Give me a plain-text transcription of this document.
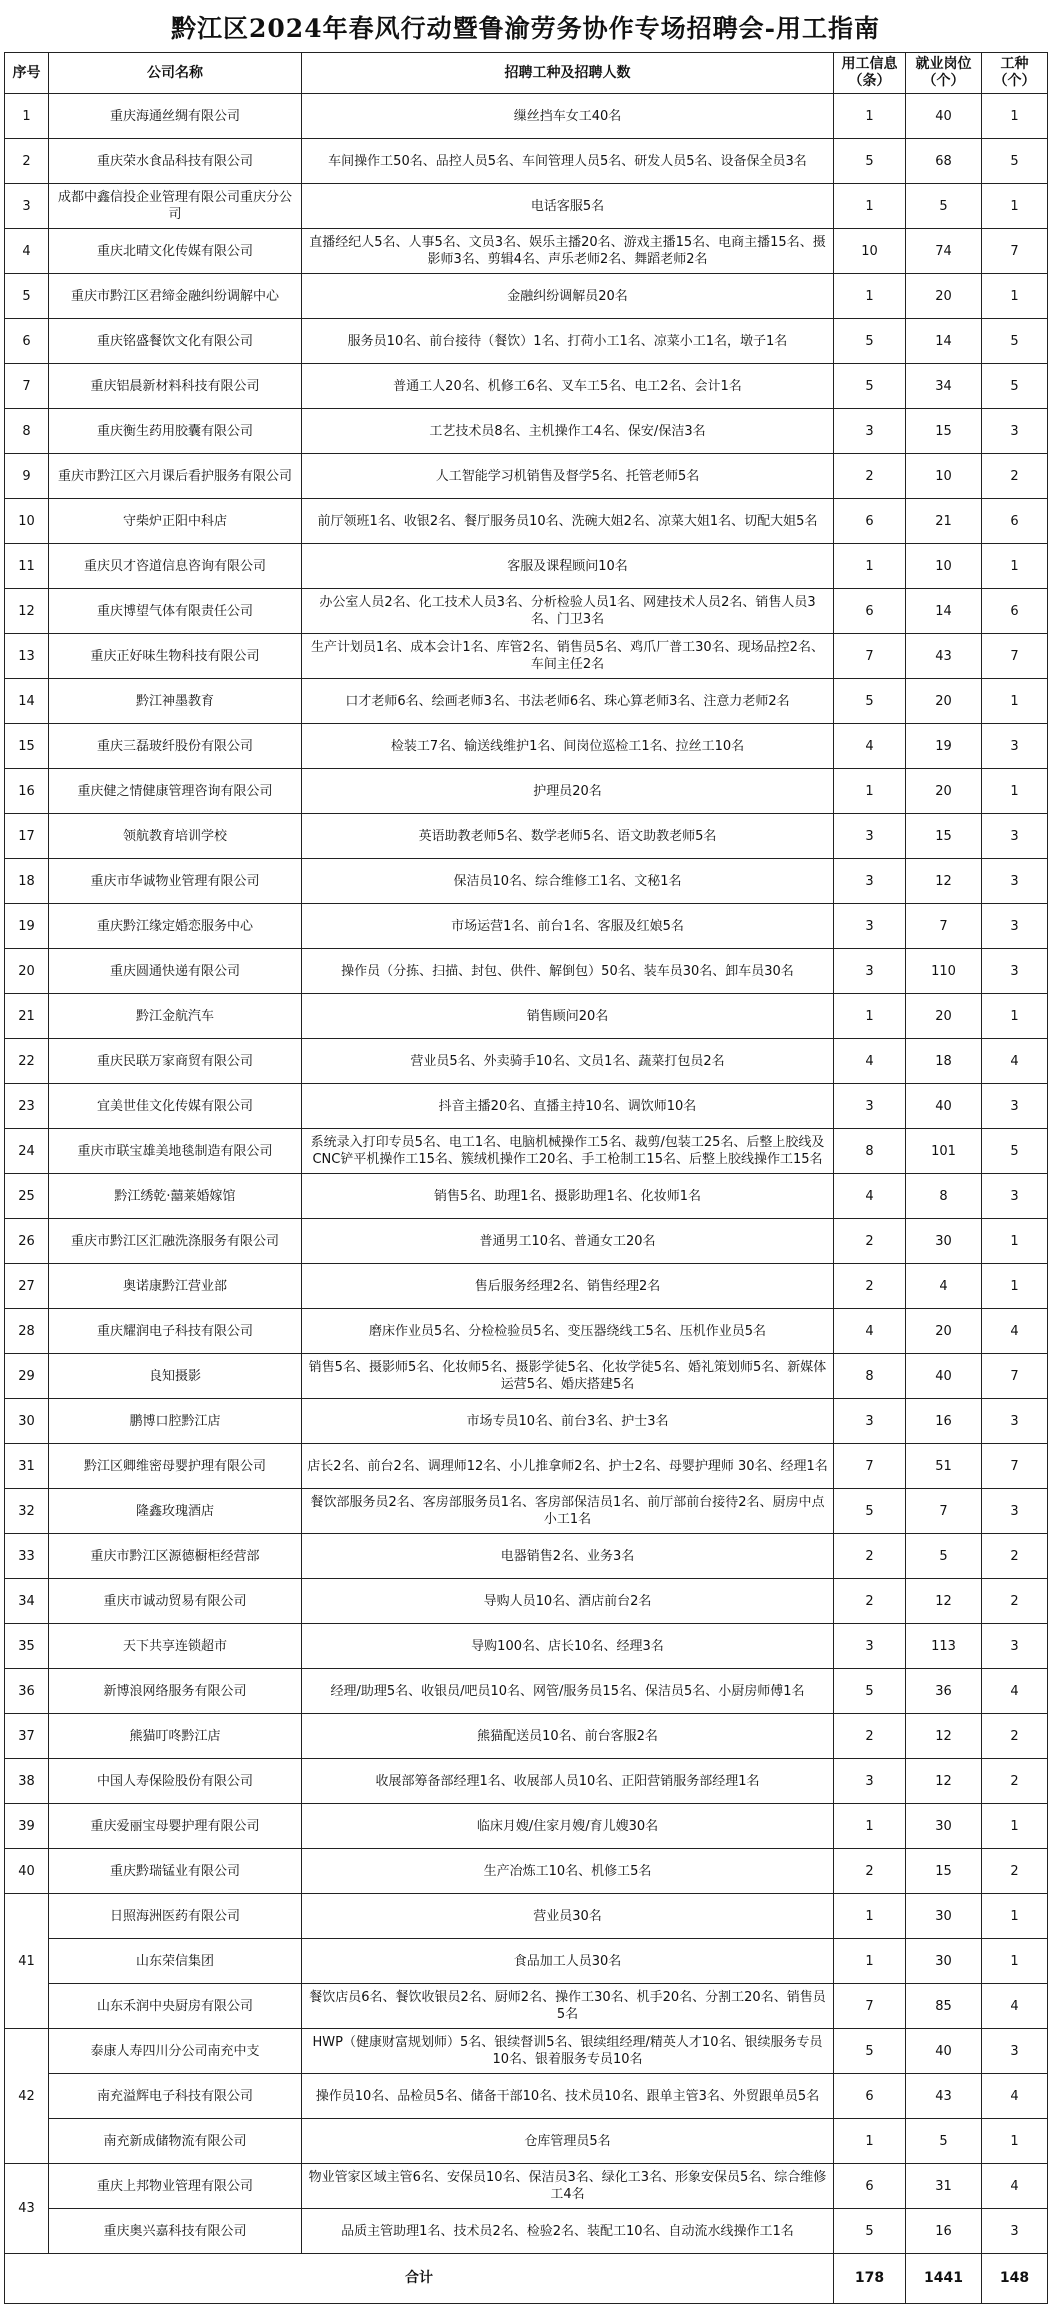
黔江区2024年春风行动暨鲁渝劳务协作专场招聘会-用工指南
序号	公司名称	招聘工种及招聘人数	用工信息（条）	就业岗位（个）	工种（个）
1	重庆海通丝绸有限公司	缫丝挡车女工40名	1	40	1
2	重庆荣水食品科技有限公司	车间操作工50名、品控人员5名、车间管理人员5名、研发人员5名、设备保全员3名	5	68	5
3	成都中鑫信投企业管理有限公司重庆分公司	电话客服5名	1	5	1
4	重庆北晴文化传媒有限公司	直播经纪人5名、人事5名、文员3名、娱乐主播20名、游戏主播15名、电商主播15名、摄影师3名、剪辑4名、声乐老师2名、舞蹈老师2名	10	74	7
5	重庆市黔江区君缔金融纠纷调解中心	金融纠纷调解员20名	1	20	1
6	重庆铭盛餐饮文化有限公司	服务员10名、前台接待（餐饮）1名、打荷小工1名、凉菜小工1名，墩子1名	5	14	5
7	重庆铝晨新材料科技有限公司	普通工人20名、机修工6名、叉车工5名、电工2名、会计1名	5	34	5
8	重庆衡生药用胶囊有限公司	工艺技术员8名、主机操作工4名、保安/保洁3名	3	15	3
9	重庆市黔江区六月课后看护服务有限公司	人工智能学习机销售及督学5名、托管老师5名	2	10	2
10	守柴炉正阳中科店	前厅领班1名、收银2名、餐厅服务员10名、洗碗大姐2名、凉菜大姐1名、切配大姐5名	6	21	6
11	重庆贝才咨道信息咨询有限公司	客服及课程顾问10名	1	10	1
12	重庆博望气体有限责任公司	办公室人员2名、化工技术人员3名、分析检验人员1名、网建技术人员2名、销售人员3名、门卫3名	6	14	6
13	重庆正好味生物科技有限公司	生产计划员1名、成本会计1名、库管2名、销售员5名、鸡爪厂普工30名、现场品控2名、车间主任2名	7	43	7
14	黔江神墨教育	口才老师6名、绘画老师3名、书法老师6名、珠心算老师3名、注意力老师2名	5	20	1
15	重庆三磊玻纤股份有限公司	检装工7名、输送线维护1名、间岗位巡检工1名、拉丝工10名	4	19	3
16	重庆健之情健康管理咨询有限公司	护理员20名	1	20	1
17	领航教育培训学校	英语助教老师5名、数学老师5名、语文助教老师5名	3	15	3
18	重庆市华诚物业管理有限公司	保洁员10名、综合维修工1名、文秘1名	3	12	3
19	重庆黔江缘定婚恋服务中心	市场运营1名、前台1名、客服及红娘5名	3	7	3
20	重庆圆通快递有限公司	操作员（分拣、扫描、封包、供件、解倒包）50名、装车员30名、卸车员30名	3	110	3
21	黔江金航汽车	销售顾问20名	1	20	1
22	重庆民联万家商贸有限公司	营业员5名、外卖骑手10名、文员1名、蔬菜打包员2名	4	18	4
23	宜美世佳文化传媒有限公司	抖音主播20名、直播主持10名、调饮师10名	3	40	3
24	重庆市联宝雄美地毯制造有限公司	系统录入打印专员5名、电工1名、电脑机械操作工5名、裁剪/包装工25名、后整上胶线及CNC铲平机操作工15名、簇绒机操作工20名、手工枪制工15名、后整上胶线操作工15名	8	101	5
25	黔江绣乾·囍莱婚嫁馆	销售5名、助理1名、摄影助理1名、化妆师1名	4	8	3
26	重庆市黔江区汇融洗涤服务有限公司	普通男工10名、普通女工20名	2	30	1
27	奥诺康黔江营业部	售后服务经理2名、销售经理2名	2	4	1
28	重庆耀润电子科技有限公司	磨床作业员5名、分检检验员5名、变压器绕线工5名、压机作业员5名	4	20	4
29	良知摄影	销售5名、摄影师5名、化妆师5名、摄影学徒5名、化妆学徒5名、婚礼策划师5名、新媒体运营5名、婚庆搭建5名	8	40	7
30	鹏博口腔黔江店	市场专员10名、前台3名、护士3名	3	16	3
31	黔江区卿维密母婴护理有限公司	店长2名、前台2名、调理师12名、小儿推拿师2名、护士2名、母婴护理师 30名、经理1名	7	51	7
32	隆鑫玫瑰酒店	餐饮部服务员2名、客房部服务员1名、客房部保洁员1名、前厅部前台接待2名、厨房中点小工1名	5	7	3
33	重庆市黔江区源德橱柜经营部	电器销售2名、业务3名	2	5	2
34	重庆市诚动贸易有限公司	导购人员10名、酒店前台2名	2	12	2
35	天下共享连锁超市	导购100名、店长10名、经理3名	3	113	3
36	新博浪网络服务有限公司	经理/助理5名、收银员/吧员10名、网管/服务员15名、保洁员5名、小厨房师傅1名	5	36	4
37	熊猫叮咚黔江店	熊猫配送员10名、前台客服2名	2	12	2
38	中国人寿保险股份有限公司	收展部筹备部经理1名、收展部人员10名、正阳营销服务部经理1名	3	12	2
39	重庆爱丽宝母婴护理有限公司	临床月嫂/住家月嫂/育儿嫂30名	1	30	1
40	重庆黔瑞锰业有限公司	生产冶炼工10名、机修工5名	2	15	2
41	日照海洲医药有限公司	营业员30名	1	30	1
	山东荣信集团	食品加工人员30名	1	30	1
	山东禾润中央厨房有限公司	餐饮店员6名、餐饮收银员2名、厨师2名、操作工30名、机手20名、分割工20名、销售员5名	7	85	4
42	泰康人寿四川分公司南充中支	HWP（健康财富规划师）5名、银续督训5名、银续组经理/精英人才10名、银续服务专员10名、银着服务专员10名	5	40	3
	南充溢辉电子科技有限公司	操作员10名、品检员5名、储备干部10名、技术员10名、跟单主管3名、外贸跟单员5名	6	43	4
	南充新成储物流有限公司	仓库管理员5名	1	5	1
43	重庆上邦物业管理有限公司	物业管家区域主管6名、安保员10名、保洁员3名、绿化工3名、形象安保员5名、综合维修工4名	6	31	4
	重庆奥兴嘉科技有限公司	品质主管助理1名、技术员2名、检验2名、装配工10名、自动流水线操作工1名	5	16	3
合计			178	1441	148
